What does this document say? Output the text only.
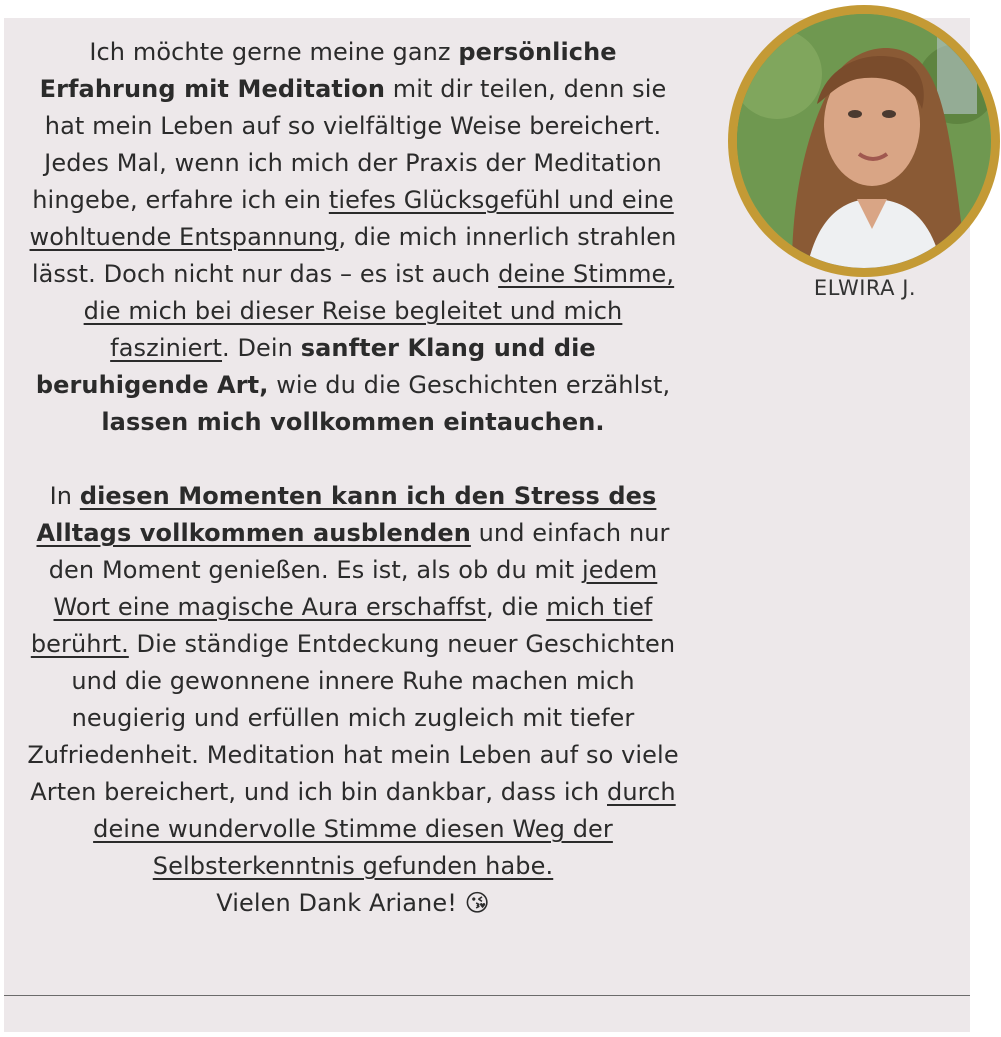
Ich möchte gerne meine ganz persönliche Erfahrung mit Meditation mit dir teilen, denn sie hat mein Leben auf so vielfältige Weise bereichert. Jedes Mal, wenn ich mich der Praxis der Meditation hingebe, erfahre ich ein tiefes Glücksgefühl und eine wohltuende Entspannung, die mich innerlich strahlen lässt. Doch nicht nur das – es ist auch deine Stimme, die mich bei dieser Reise begleitet und mich fasziniert. Dein sanfter Klang und die beruhigende Art, wie du die Geschichten erzählst, lassen mich vollkommen eintauchen.

In diesen Momenten kann ich den Stress des Alltags vollkommen ausblenden und einfach nur den Moment genießen. Es ist, als ob du mit jedem Wort eine magische Aura erschaffst, die mich tief berührt. Die ständige Entdeckung neuer Geschichten und die gewonnene innere Ruhe machen mich neugierig und erfüllen mich zugleich mit tiefer Zufriedenheit. Meditation hat mein Leben auf so viele Arten bereichert, und ich bin dankbar, dass ich durch deine wundervolle Stimme diesen Weg der Selbsterkenntnis gefunden habe.

Vielen Dank Ariane! 😘

ELWIRA J.
